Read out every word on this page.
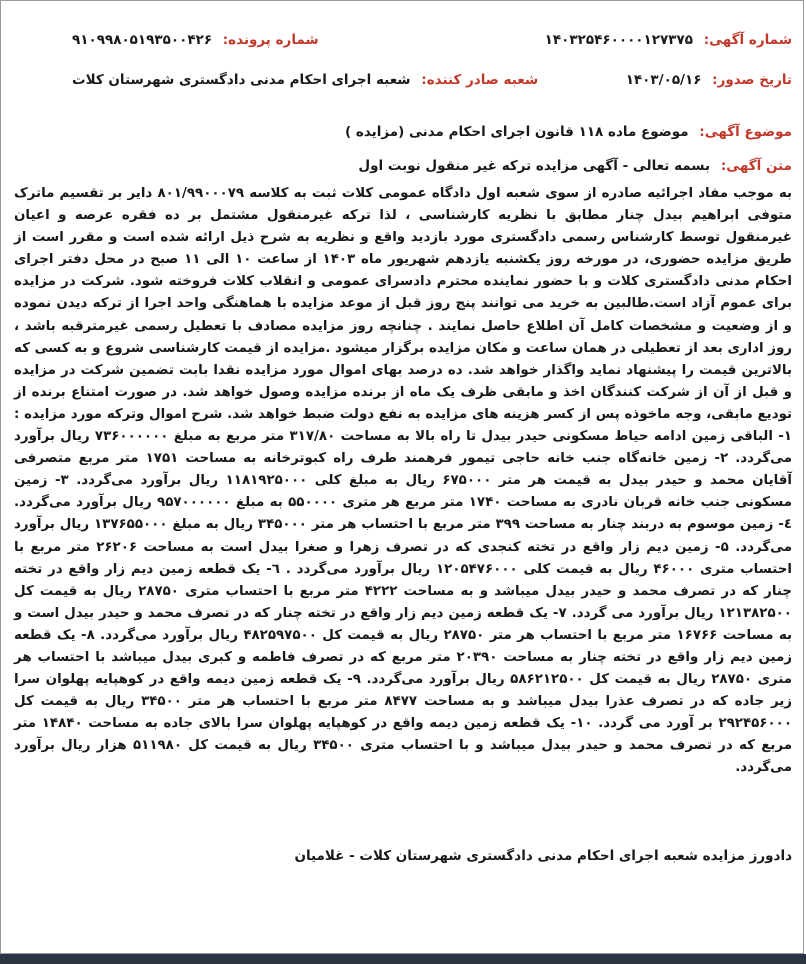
شماره آگهی: ۱۴۰۳۲۵۴۶۰۰۰۰۱۲۷۳۷۵
شماره پرونده: ۹۱۰۹۹۸۰۵۱۹۳۵۰۰۴۲۶
تاریخ صدور: ۱۴۰۳/۰۵/۱۶
شعبه صادر کننده: شعبه اجرای احکام مدنی دادگستری شهرستان کلات
موضوع آگهی: موضوع ماده ۱۱۸ قانون اجرای احکام مدنی (مزایده )
متن آگهی: بسمه تعالی - آگهی مزایده ترکه غیر منقول نوبت اول
به موجب مفاد اجرائیه صادره از سوی شعبه اول دادگاه عمومی کلات ثبت به کلاسه ۸۰۱/۹۹۰۰۰۷۹ دایر بر تقسیم ماترک متوفی ابراهیم بیدل چنار مطابق با نظریه کارشناسی ، لذا ترکه غیرمنقول مشتمل بر ده فقره عرصه و اعیان غیرمنقول توسط کارشناس رسمی دادگستری مورد بازدید واقع و نظریه به شرح ذیل ارائه شده است و مقرر است از طریق مزایده حضوری، در مورخه روز یکشنبه یازدهم شهریور ماه ۱۴۰۳ از ساعت ۱۰ الی ۱۱ صبح در محل دفتر اجرای احکام مدنی دادگستری کلات و با حضور نماینده محترم دادسرای عمومی و انقلاب کلات فروخته شود. شرکت در مزایده برای عموم آزاد است.طالبین به خرید می توانند پنج روز قبل از موعد مزایده با هماهنگی واحد اجرا از ترکه دیدن نموده و از وضعیت و مشخصات کامل آن اطلاع حاصل نمایند . چنانچه روز مزایده مصادف با تعطیل رسمی غیرمترقبه باشد ، روز اداری بعد از تعطیلی در همان ساعت و مکان مزایده برگزار میشود .مزایده از قیمت کارشناسی شروع و به کسی که بالاترین قیمت را پیشنهاد نماید واگذار خواهد شد. ده درصد بهای اموال مورد مزایده نقدا بابت تضمین شرکت در مزایده و قبل از آن از شرکت کنندگان اخذ و مابقی ظرف یک ماه از برنده مزایده وصول خواهد شد. در صورت امتناع برنده از تودیع مابقی، وجه ماخوذه پس از کسر هزینه های مزایده به نفع دولت ضبط خواهد شد. شرح اموال وترکه مورد مزایده : ۱- الباقی زمین ادامه حیاط مسکونی حیدر بیدل تا راه بالا به مساحت ۳۱۷/۸۰ متر مربع به مبلغ ۷۳۶۰۰۰۰۰۰ ریال برآورد می‌گردد. ۲- زمین خانه‌گاه جنب خانه حاجی تیمور فرهمند طرف راه کبوترخانه به مساحت ۱۷۵۱ متر مربع متصرفی آقایان محمد و حیدر بیدل به قیمت هر متر ۶۷۵۰۰۰ ریال به مبلغ کلی ۱۱۸۱۹۲۵۰۰۰ ریال برآورد می‌گردد. ۳- زمین مسکونی جنب خانه قربان نادری به مساحت ۱۷۴۰ متر مربع هر متری ۵۵۰۰۰۰ به مبلغ ۹۵۷۰۰۰۰۰۰ ریال برآورد می‌گردد. ٤- زمین موسوم به دربند چنار به مساحت ۳۹۹ متر مربع با احتساب هر متر ۳۴۵۰۰۰ ریال به مبلغ ۱۳۷۶۵۵۰۰۰ ریال برآورد می‌گردد. ۵- زمین دیم زار واقع در تخته کنجدی که در تصرف زهرا و صغرا بیدل است به مساحت ۲۶۲۰۶ متر مربع با احتساب متری ۴۶۰۰۰ ریال به قیمت کلی ۱۲۰۵۴۷۶۰۰۰ ریال برآورد می‌گردد . ٦- یک قطعه زمین دیم زار واقع در تخته چنار که در تصرف محمد و حیدر بیدل میباشد و به مساحت ۴۲۲۲ متر مربع با احتساب متری ۲۸۷۵۰ ریال به قیمت کل ۱۲۱۳۸۲۵۰۰ ریال برآورد می گردد. ۷- یک قطعه زمین دیم زار واقع در تخته چنار که در تصرف محمد و حیدر بیدل است و به مساحت ۱۶۷۶۶ متر مربع با احتساب هر متر ۲۸۷۵۰ ریال به قیمت کل ۴۸۲۵۹۷۵۰۰ ریال برآورد می‌گردد. ۸- یک قطعه زمین دیم زار واقع در تخته چنار به مساحت ۲۰۳۹۰ متر مربع که در تصرف فاطمه و کبری بیدل میباشد با احتساب هر متری ۲۸۷۵۰ ریال به قیمت کل ۵۸۶۲۱۲۵۰۰ ریال برآورد می‌گردد. ۹- یک قطعه زمین دیمه واقع در کوهپایه پهلوان سرا زیر جاده که در تصرف عذرا بیدل میباشد و به مساحت ۸۴۷۷ متر مربع با احتساب هر متر ۳۴۵۰۰ ریال به قیمت کل ۲۹۲۴۵۶۰۰۰ بر آورد می گردد. ۱۰- یک قطعه زمین دیمه واقع در کوهپایه پهلوان سرا بالای جاده به مساحت ۱۴۸۴۰ متر مربع که در تصرف محمد و حیدر بیدل میباشد و با احتساب متری ۳۴۵۰۰ ریال به قیمت کل ۵۱۱۹۸۰ هزار ریال برآورد می‌گردد.
دادورز مزایده شعبه اجرای احکام مدنی دادگستری شهرستان کلات - غلامیان
